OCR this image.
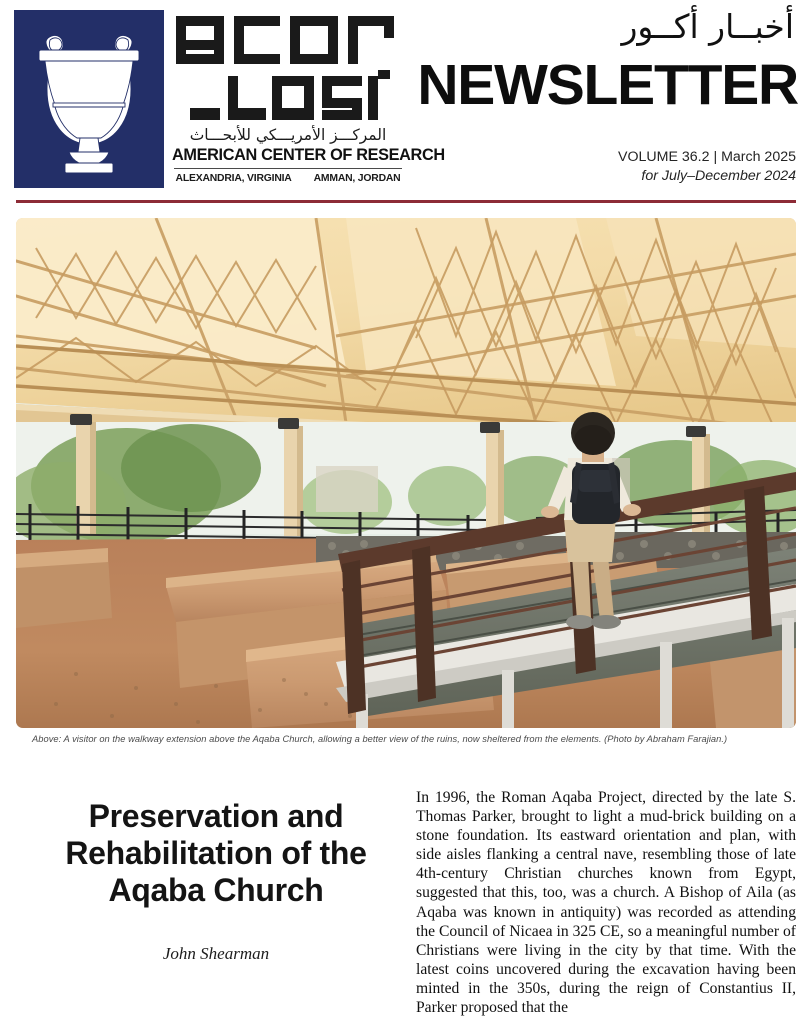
المركـــز الأمريـــكي للأبحـــاث
AMERICAN CENTER OF RESEARCH
ALEXANDRIA, VIRGINIA	AMMAN, JORDAN
أخبــار أكــور
NEWSLETTER
VOLUME 36.2 | March 2025
for July–December 2024
Above: A visitor on the walkway extension above the Aqaba Church, allowing a better view of the ruins, now sheltered from the elements. (Photo by Abraham Farajian.)
Preservation and Rehabilitation of the Aqaba Church
John Shearman
In 1996, the Roman Aqaba Project, directed by the late S. Thomas Parker, brought to light a mud-brick building on a stone foundation. Its eastward orientation and plan, with side aisles flanking a central nave, resembling those of late 4th-century Christian churches known from Egypt, suggested that this, too, was a church. A Bishop of Aila (as Aqaba was known in antiquity) was recorded as attending the Council of Nicaea in 325 CE, so a meaningful number of Christians were living in the city by that time. With the latest coins uncovered during the excavation having been minted in the 350s, during the reign of Constantius II, Parker proposed that the
